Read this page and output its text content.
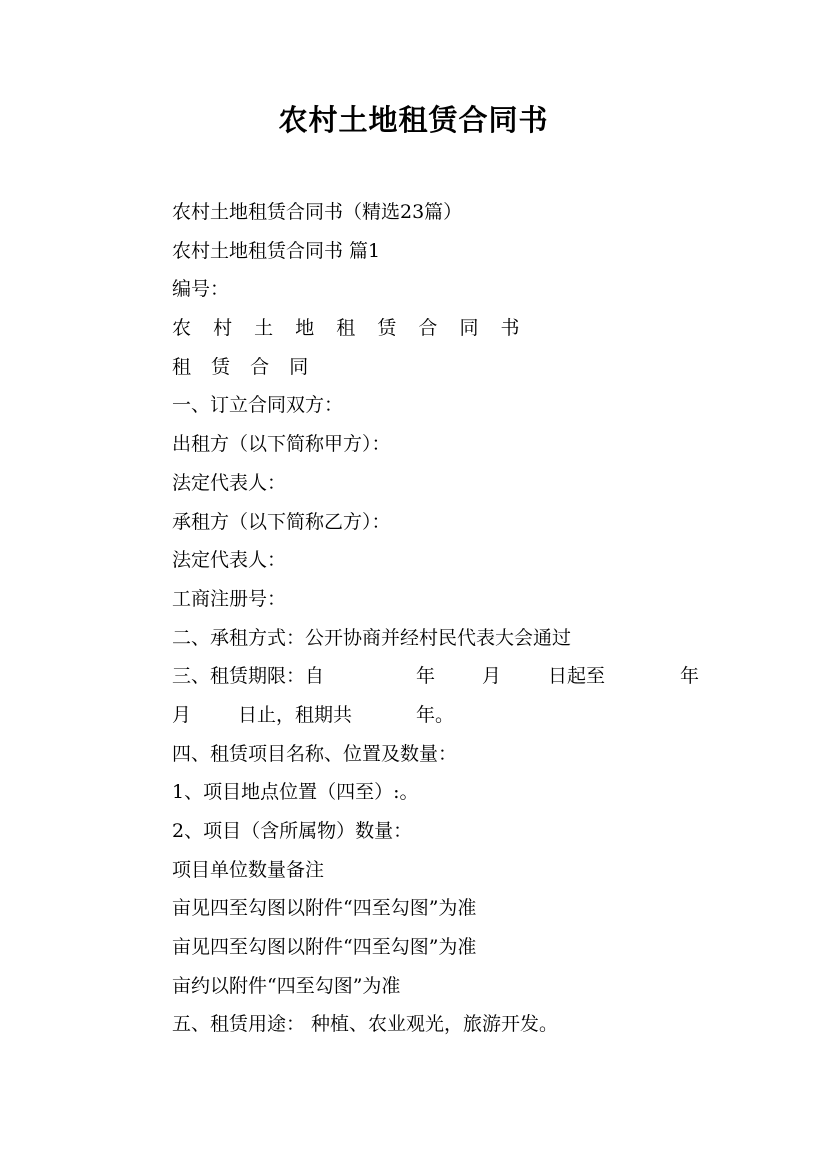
农村土地租赁合同书
农村土地租赁合同书（精选23篇）
农村土地租赁合同书 篇1
编号：
农 村 土 地 租 赁 合 同 书
租 赁 合 同
一、订立合同双方：
出租方（以下简称甲方）：
法定代表人：
承租方（以下简称乙方）：
法定代表人：
工商注册号：
二、承租方式：公开协商并经村民代表大会通过
三、租赁期限：自	年 月 日起至	年
月 日止，租期共	年。
四、租赁项目名称、位置及数量：
1、项目地点位置（四至）:。
2、项目（含所属物）数量：
项目单位数量备注
亩见四至勾图以附件“四至勾图”为准
亩见四至勾图以附件“四至勾图”为准
亩约以附件“四至勾图”为准
五、租赁用途： 种植、农业观光，旅游开发。
